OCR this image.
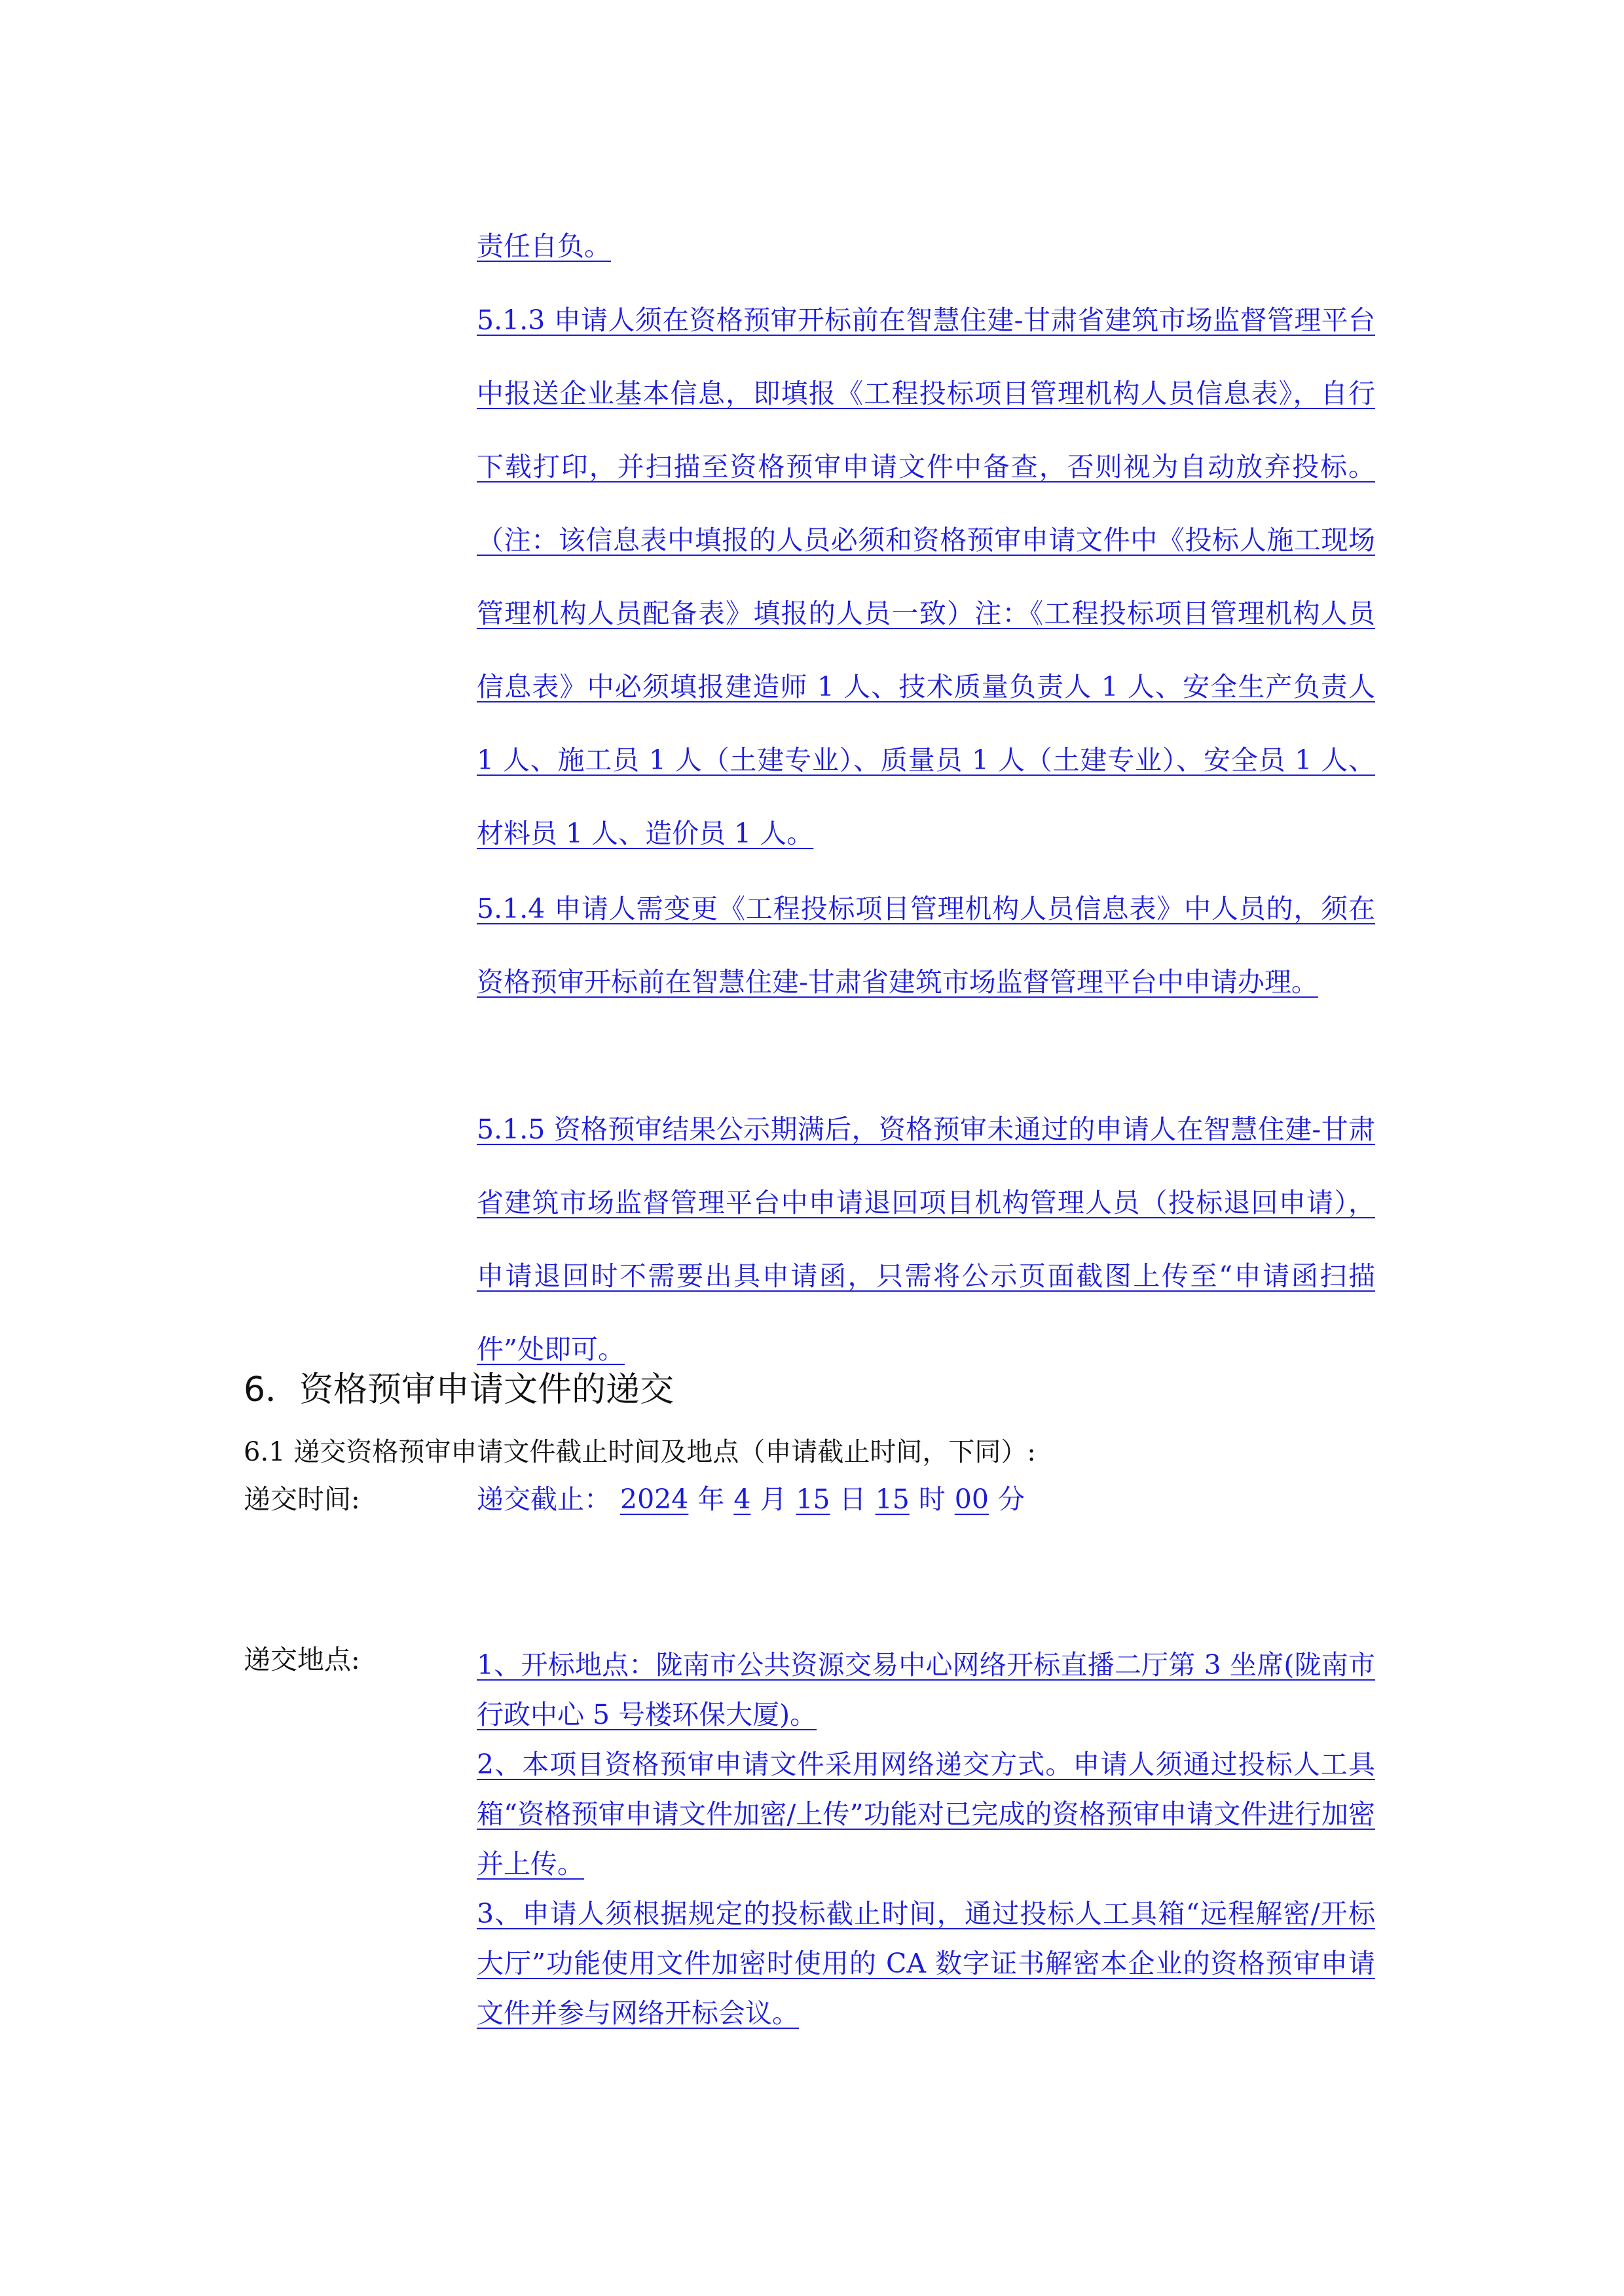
责任自负。

5.1.3 申请人须在资格预审开标前在智慧住建-甘肃省建筑市场监督管理平台中报送企业基本信息，即填报《工程投标项目管理机构人员信息表》，自行下载打印，并扫描至资格预审申请文件中备查，否则视为自动放弃投标。（注：该信息表中填报的人员必须和资格预审申请文件中《投标人施工现场管理机构人员配备表》填报的人员一致）注：《工程投标项目管理机构人员信息表》中必须填报建造师 1 人、技术质量负责人 1 人、安全生产负责人 1 人、施工员 1 人（土建专业）、质量员 1 人（土建专业）、安全员 1 人、材料员 1 人、造价员 1 人。

5.1.4 申请人需变更《工程投标项目管理机构人员信息表》中人员的，须在资格预审开标前在智慧住建-甘肃省建筑市场监督管理平台中申请办理。

5.1.5 资格预审结果公示期满后，资格预审未通过的申请人在智慧住建-甘肃省建筑市场监督管理平台中申请退回项目机构管理人员（投标退回申请），申请退回时不需要出具申请函，只需将公示页面截图上传至“申请函扫描件”处即可。

6．资格预审申请文件的递交
6.1 递交资格预审申请文件截止时间及地点（申请截止时间，下同）:
递交时间:	递交截止： 2024 年 4 月 15 日 15 时 00 分
递交地点:	1、开标地点：陇南市公共资源交易中心网络开标直播二厅第 3 坐席(陇南市行政中心 5 号楼环保大厦)。

2、本项目资格预审申请文件采用网络递交方式。申请人须通过投标人工具箱“资格预审申请文件加密/上传”功能对已完成的资格预审申请文件进行加密并上传。

3、申请人须根据规定的投标截止时间，通过投标人工具箱“远程解密/开标大厅”功能使用文件加密时使用的 CA 数字证书解密本企业的资格预审申请文件并参与网络开标会议。
